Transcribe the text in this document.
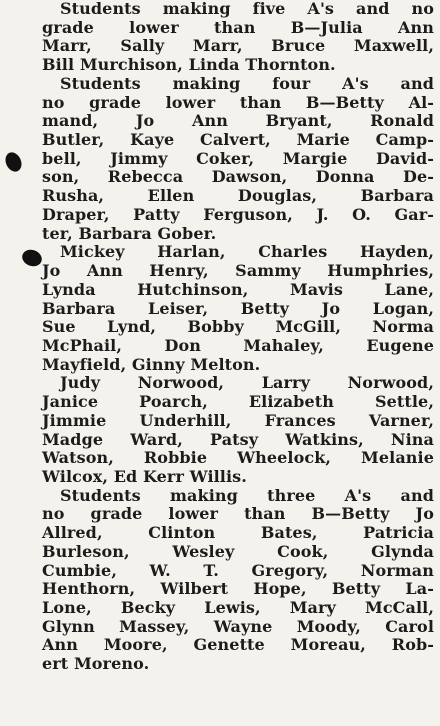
Students making five A's and no
grade lower than B—Julia Ann
Marr, Sally Marr, Bruce Maxwell,
Bill Murchison, Linda Thornton.
Students making four A's and
no grade lower than B—Betty Al-
mand, Jo Ann Bryant, Ronald
Butler, Kaye Calvert, Marie Camp-
bell, Jimmy Coker, Margie David-
son, Rebecca Dawson, Donna De-
Rusha, Ellen Douglas, Barbara
Draper, Patty Ferguson, J. O. Gar-
ter, Barbara Gober.
Mickey Harlan, Charles Hayden,
Jo Ann Henry, Sammy Humphries,
Lynda Hutchinson, Mavis Lane,
Barbara Leiser, Betty Jo Logan,
Sue Lynd, Bobby McGill, Norma
McPhail, Don Mahaley, Eugene
Mayfield, Ginny Melton.
Judy Norwood, Larry Norwood,
Janice Poarch, Elizabeth Settle,
Jimmie Underhill, Frances Varner,
Madge Ward, Patsy Watkins, Nina
Watson, Robbie Wheelock, Melanie
Wilcox, Ed Kerr Willis.
Students making three A's and
no grade lower than B—Betty Jo
Allred, Clinton Bates, Patricia
Burleson, Wesley Cook, Glynda
Cumbie, W. T. Gregory, Norman
Henthorn, Wilbert Hope, Betty La-
Lone, Becky Lewis, Mary McCall,
Glynn Massey, Wayne Moody, Carol
Ann Moore, Genette Moreau, Rob-
ert Moreno.
